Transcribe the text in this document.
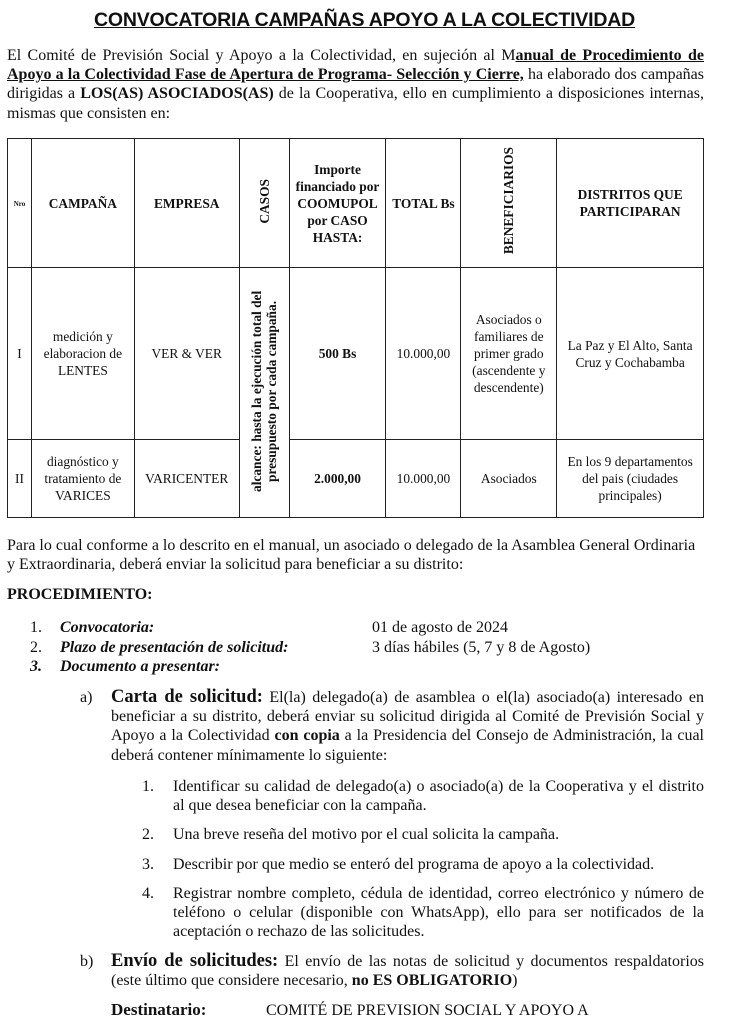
CONVOCATORIA CAMPAÑAS APOYO A LA COLECTIVIDAD
El Comité de Previsión Social y Apoyo a la Colectividad, en sujeción al Manual de Procedimiento de Apoyo a la Colectividad Fase de Apertura de Programa- Selección y Cierre, ha elaborado dos campañas dirigidas a LOS(AS) ASOCIADOS(AS) de la Cooperativa, ello en cumplimiento a disposiciones internas, mismas que consisten en:
Nro	CAMPAÑA	EMPRESA	CASOS	Importe financiado por COOMUPOL por CASO HASTA:	TOTAL Bs	BENEFICIARIOS	DISTRITOS QUE PARTICIPARAN
I	medición y elaboracion de LENTES	VER & VER	alcance: hasta la ejecución total del presupuesto por cada campaña.	500 Bs	10.000,00	Asociados o familiares de primer grado (ascendente y descendente)	La Paz y El Alto, Santa Cruz y Cochabamba
II	diagnóstico y tratamiento de VARICES	VARICENTER		2.000,00	10.000,00	Asociados	En los 9 departamentos del pais (ciudades principales)
Para lo cual conforme a lo descrito en el manual, un asociado o delegado de la Asamblea General Ordinaria y Extraordinaria, deberá enviar la solicitud para beneficiar a su distrito:
PROCEDIMIENTO:
1.	Convocatoria:	01 de agosto de 2024
2.	Plazo de presentación de solicitud:	3 días hábiles (5, 7 y 8 de Agosto)
3.	Documento a presentar:
a) Carta de solicitud: El(la) delegado(a) de asamblea o el(la) asociado(a) interesado en beneficiar a su distrito, deberá enviar su solicitud dirigida al Comité de Previsión Social y Apoyo a la Colectividad con copia a la Presidencia del Consejo de Administración, la cual deberá contener mínimamente lo siguiente:
1. Identificar su calidad de delegado(a) o asociado(a) de la Cooperativa y el distrito al que desea beneficiar con la campaña.
2. Una breve reseña del motivo por el cual solicita la campaña.
3. Describir por que medio se enteró del programa de apoyo a la colectividad.
4. Registrar nombre completo, cédula de identidad, correo electrónico y número de teléfono o celular (disponible con WhatsApp), ello para ser notificados de la aceptación o rechazo de las solicitudes.
b) Envío de solicitudes: El envío de las notas de solicitud y documentos respaldatorios (este último que considere necesario, no ES OBLIGATORIO)
Destinatario:	COMITÉ DE PREVISION SOCIAL Y APOYO A
